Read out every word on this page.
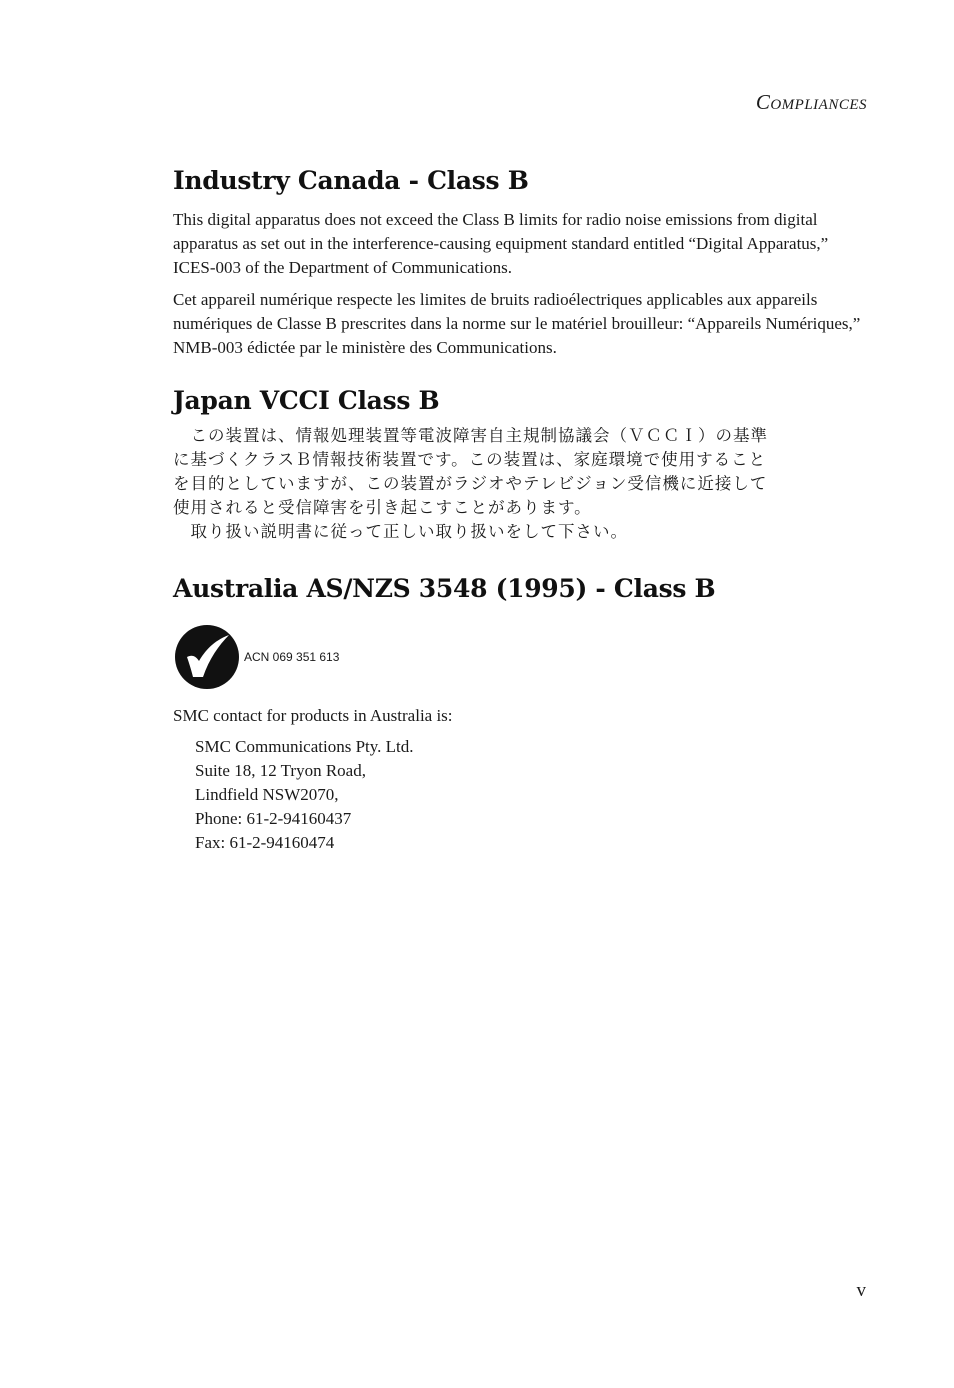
COMPLIANCES
Industry Canada - Class B

This digital apparatus does not exceed the Class B limits for radio noise emissions from digital apparatus as set out in the interference-causing equipment standard entitled “Digital Apparatus,” ICES-003 of the Department of Communications.

Cet appareil numérique respecte les limites de bruits radioélectriques applicables aux appareils numériques de Classe B prescrites dans la norme sur le matériel brouilleur: “Appareils Numériques,” NMB-003 édictée par le ministère des Communications.

Japan VCCI Class B
　この装置は、情報処理装置等電波障害自主規制協議会（ＶＣＣＩ）の基準
に基づくクラスＢ情報技術装置です。この装置は、家庭環境で使用すること
を目的としていますが、この装置がラジオやテレビジョン受信機に近接して
使用されると受信障害を引き起こすことがあります。
　取り扱い説明書に従って正しい取り扱いをして下さい。
Australia AS/NZS 3548 (1995) - Class B
ACN 069 351 613

SMC contact for products in Australia is:

SMC Communications Pty. Ltd.
Suite 18, 12 Tryon Road,
Lindfield NSW2070,
Phone: 61-2-94160437
Fax: 61-2-94160474
v
